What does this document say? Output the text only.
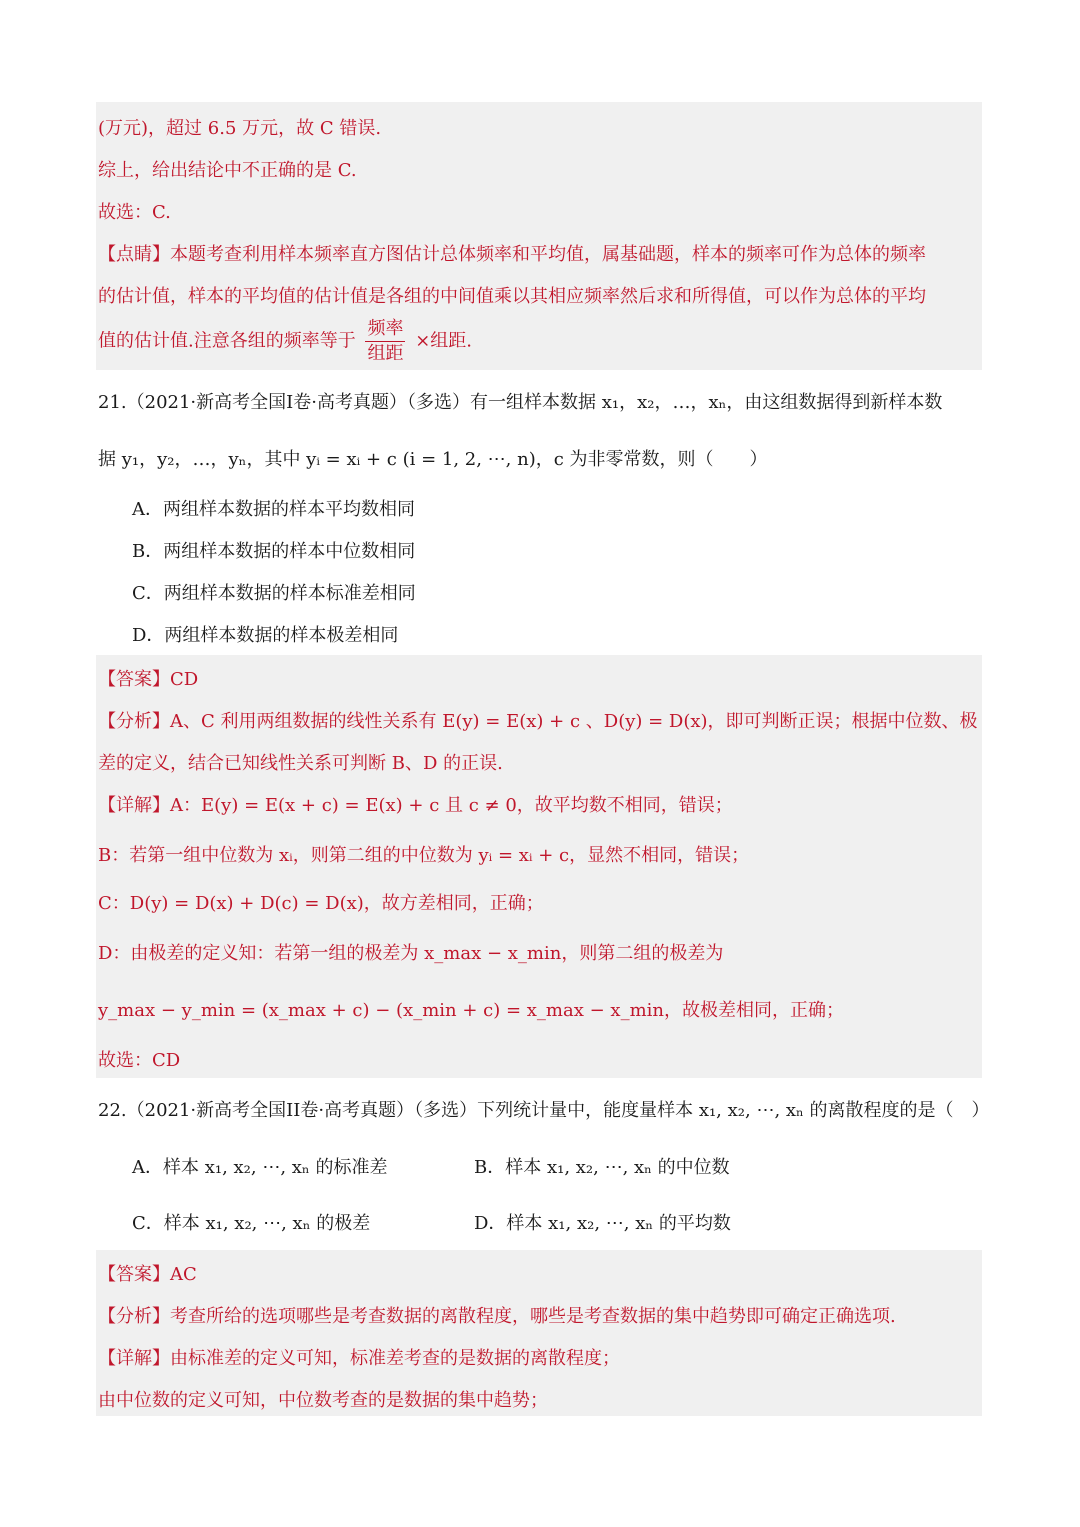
(万元)，超过 6.5 万元，故 C 错误.
综上，给出结论中不正确的是 C.
故选：C.
【点睛】本题考查利用样本频率直方图估计总体频率和平均值，属基础题，样本的频率可作为总体的频率
的估计值，样本的平均值的估计值是各组的中间值乘以其相应频率然后求和所得值，可以作为总体的平均
值的估计值.注意各组的频率等于 $\frac{\text{频率}}{\text{组距}}$ ×组距.
21.（2021·新高考全国I卷·高考真题）（多选）有一组样本数据 x₁，x₂，…，xₙ，由这组数据得到新样本数
据 y₁，y₂，…，yₙ，其中 yᵢ = xᵢ + c (i = 1, 2, ⋯, n)，c 为非零常数，则（　　）
A．两组样本数据的样本平均数相同
B．两组样本数据的样本中位数相同
C．两组样本数据的样本标准差相同
D．两组样本数据的样本极差相同
【答案】CD
【分析】A、C 利用两组数据的线性关系有 E(y) = E(x) + c 、D(y) = D(x)，即可判断正误；根据中位数、极
差的定义，结合已知线性关系可判断 B、D 的正误.
【详解】A：E(y) = E(x + c) = E(x) + c 且 c ≠ 0，故平均数不相同，错误；
B：若第一组中位数为 xᵢ，则第二组的中位数为 yᵢ = xᵢ + c，显然不相同，错误；
C：D(y) = D(x) + D(c) = D(x)，故方差相同，正确；
D：由极差的定义知：若第一组的极差为 x_max − x_min，则第二组的极差为
y_max − y_min = (x_max + c) − (x_min + c) = x_max − x_min，故极差相同，正确；
故选：CD
22.（2021·新高考全国II卷·高考真题）（多选）下列统计量中，能度量样本 x₁, x₂, ⋯, xₙ 的离散程度的是（　）
A．样本 x₁, x₂, ⋯, xₙ 的标准差	B．样本 x₁, x₂, ⋯, xₙ 的中位数
C．样本 x₁, x₂, ⋯, xₙ 的极差	D．样本 x₁, x₂, ⋯, xₙ 的平均数
【答案】AC
【分析】考查所给的选项哪些是考查数据的离散程度，哪些是考查数据的集中趋势即可确定正确选项.
【详解】由标准差的定义可知，标准差考查的是数据的离散程度；
由中位数的定义可知，中位数考查的是数据的集中趋势；
